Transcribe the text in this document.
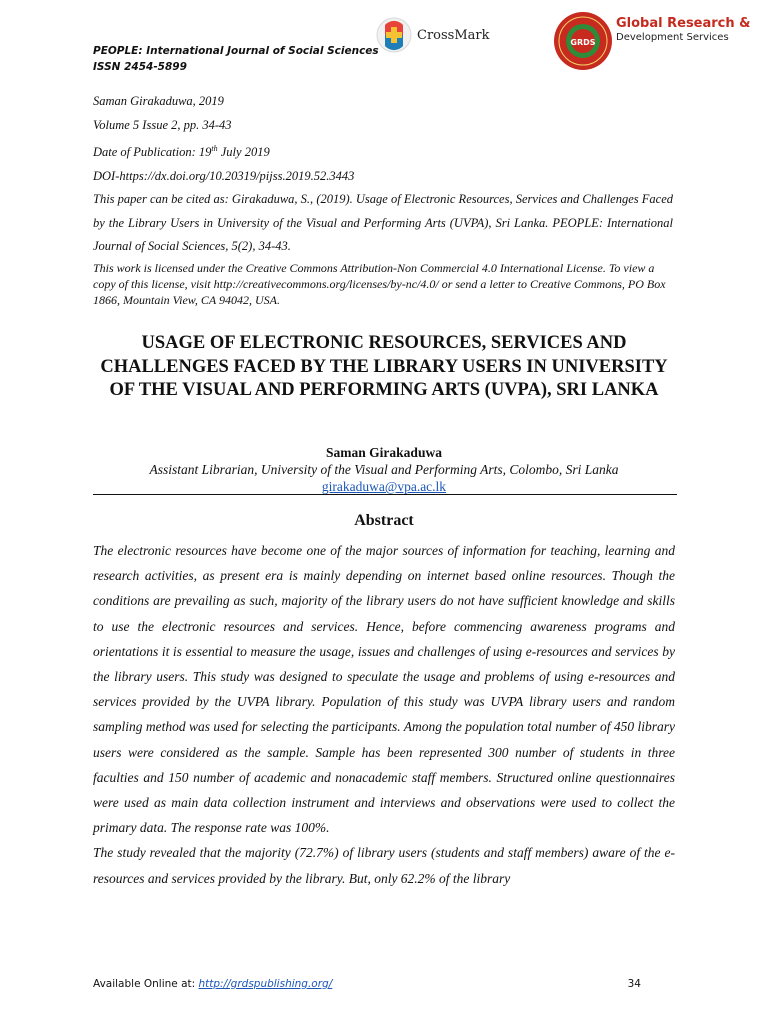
PEOPLE: International Journal of Social Sciences
ISSN 2454-5899
CrossMark	GRDS
Global Research &
Development Services

Saman Girakaduwa, 2019

Volume 5 Issue 2, pp. 34-43

Date of Publication: 19th July 2019

DOI-https://dx.doi.org/10.20319/pijss.2019.52.3443

This paper can be cited as: Girakaduwa, S., (2019). Usage of Electronic Resources, Services and Challenges Faced by the Library Users in University of the Visual and Performing Arts (UVPA), Sri Lanka. PEOPLE: International Journal of Social Sciences, 5(2), 34-43.

This work is licensed under the Creative Commons Attribution-Non Commercial 4.0 International License. To view a copy of this license, visit http://creativecommons.org/licenses/by-nc/4.0/ or send a letter to Creative Commons, PO Box 1866, Mountain View, CA 94042, USA.
USAGE OF ELECTRONIC RESOURCES, SERVICES AND CHALLENGES FACED BY THE LIBRARY USERS IN UNIVERSITY OF THE VISUAL AND PERFORMING ARTS (UVPA), SRI LANKA
Saman Girakaduwa
Assistant Librarian, University of the Visual and Performing Arts, Colombo, Sri Lanka
girakaduwa@vpa.ac.lk
Abstract

The electronic resources have become one of the major sources of information for teaching, learning and research activities, as present era is mainly depending on internet based online resources. Though the conditions are prevailing as such, majority of the library users do not have sufficient knowledge and skills to use the electronic resources and services. Hence, before commencing awareness programs and orientations it is essential to measure the usage, issues and challenges of using e-resources and services by the library users. This study was designed to speculate the usage and problems of using e-resources and services provided by the UVPA library. Population of this study was UVPA library users and random sampling method was used for selecting the participants. Among the population total number of 450 library users were considered as the sample. Sample has been represented 300 number of students in three faculties and 150 number of academic and nonacademic staff members. Structured online questionnaires were used as main data collection instrument and interviews and observations were used to collect the primary data. The response rate was 100%.

The study revealed that the majority (72.7%) of library users (students and staff members) aware of the e-resources and services provided by the library. But, only 62.2% of the library

Available Online at: http://grdspublishing.org/	34
